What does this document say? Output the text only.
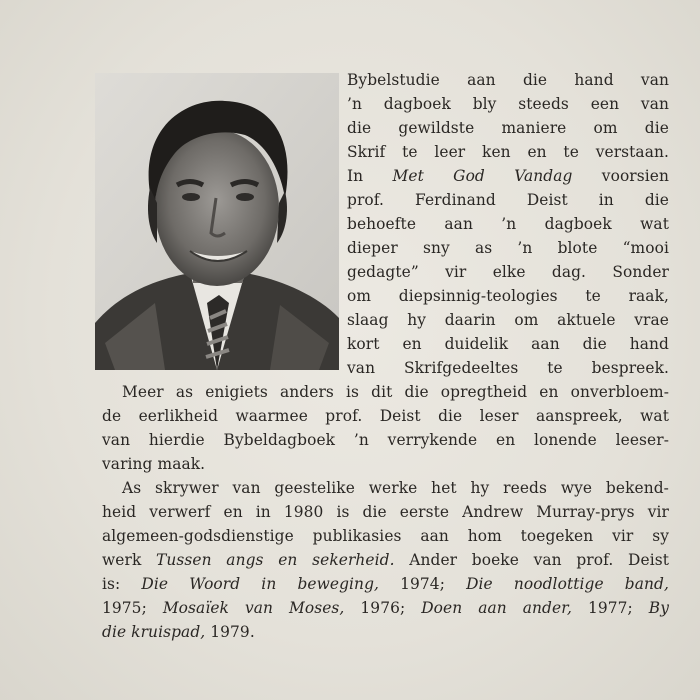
Bybelstudie aan die hand van
’n dagboek bly steeds een van
die gewildste maniere om die
Skrif te leer ken en te verstaan.
In Met God Vandag voorsien
prof. Ferdinand Deist in die
behoefte aan ’n dagboek wat
dieper sny as ’n blote “mooi
gedagte” vir elke dag. Sonder
om diepsinnig-teologies te raak,
slaag hy daarin om aktuele vrae
kort en duidelik aan die hand
van Skrifgedeeltes te bespreek.
Meer as enigiets anders is dit die opregtheid en onverbloem-
de eerlikheid waarmee prof. Deist die leser aanspreek, wat
van hierdie Bybeldagboek ’n verrykende en lonende leeser-
varing maak.
As skrywer van geestelike werke het hy reeds wye bekend-
heid verwerf en in 1980 is die eerste Andrew Murray-prys vir
algemeen-godsdienstige publikasies aan hom toegeken vir sy
werk Tussen angs en sekerheid. Ander boeke van prof. Deist
is: Die Woord in beweging, 1974; Die noodlottige band,
1975; Mosaïek van Moses, 1976; Doen aan ander, 1977; By
die kruispad, 1979.
